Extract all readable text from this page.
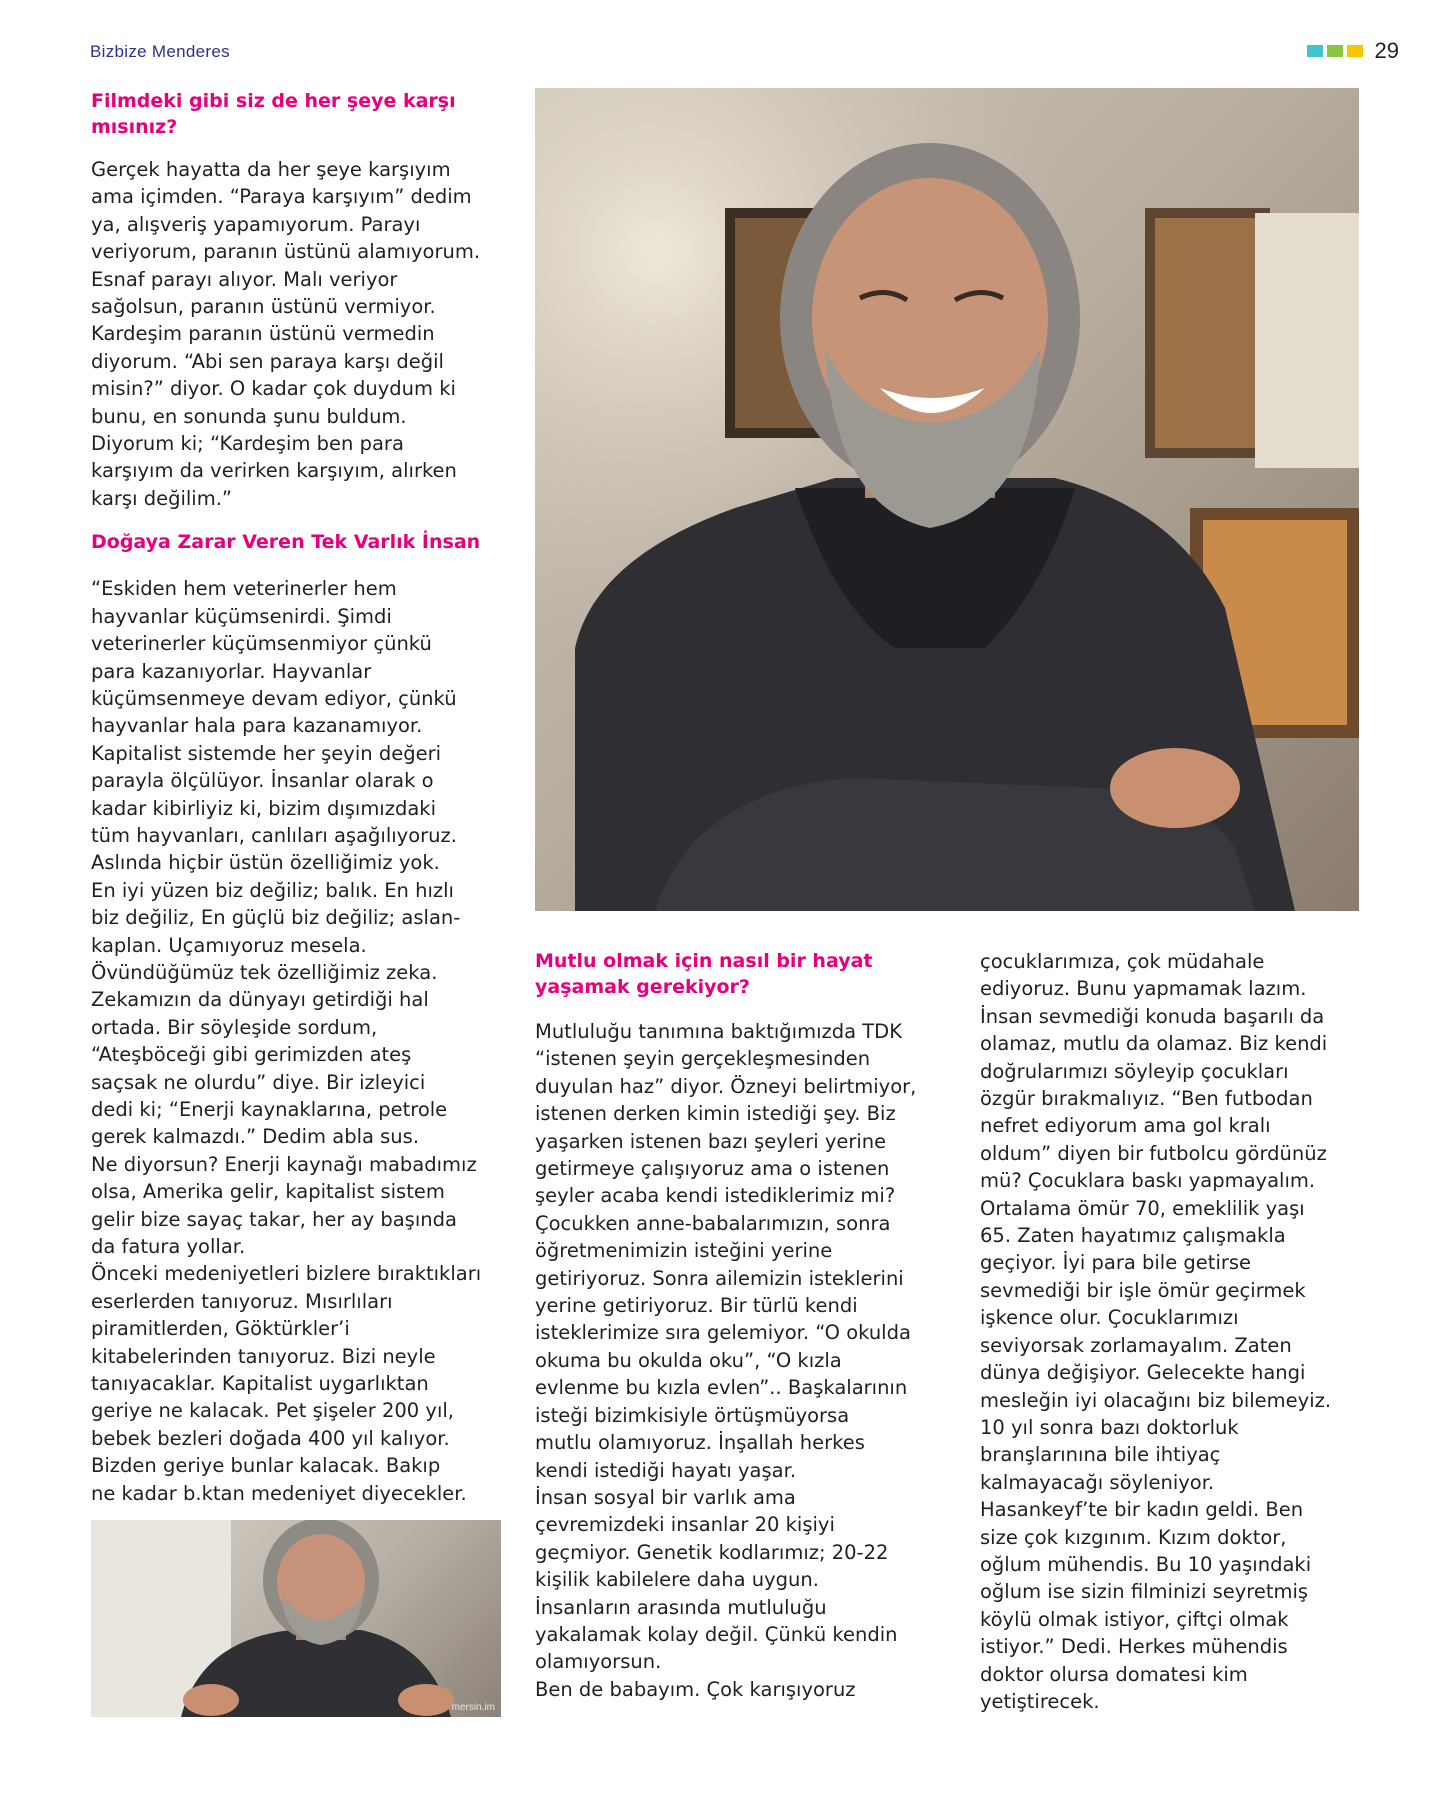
Bizbize Menderes	29
mersin.im
Filmdeki gibi siz de her şeye karşı
mısınız?

Gerçek hayatta da her şeye karşıyım
ama içimden. “Paraya karşıyım” dedim
ya, alışveriş yapamıyorum. Parayı
veriyorum, paranın üstünü alamıyorum.
Esnaf parayı alıyor. Malı veriyor
sağolsun, paranın üstünü vermiyor.
Kardeşim paranın üstünü vermedin
diyorum. “Abi sen paraya karşı değil
misin?” diyor. O kadar çok duydum ki
bunu, en sonunda şunu buldum.
Diyorum ki; “Kardeşim ben para
karşıyım da verirken karşıyım, alırken
karşı değilim.”

Doğaya Zarar Veren Tek Varlık İnsan

“Eskiden hem veterinerler hem
hayvanlar küçümsenirdi. Şimdi
veterinerler küçümsenmiyor çünkü
para kazanıyorlar. Hayvanlar
küçümsenmeye devam ediyor, çünkü
hayvanlar hala para kazanamıyor.
Kapitalist sistemde her şeyin değeri
parayla ölçülüyor. İnsanlar olarak o
kadar kibirliyiz ki, bizim dışımızdaki
tüm hayvanları, canlıları aşağılıyoruz.
Aslında hiçbir üstün özelliğimiz yok.
En iyi yüzen biz değiliz; balık. En hızlı
biz değiliz, En güçlü biz değiliz; aslan-
kaplan. Uçamıyoruz mesela.
Övündüğümüz tek özelliğimiz zeka.
Zekamızın da dünyayı getirdiği hal
ortada. Bir söyleşide sordum,
“Ateşböceği gibi gerimizden ateş
saçsak ne olurdu” diye. Bir izleyici
dedi ki; “Enerji kaynaklarına, petrole
gerek kalmazdı.” Dedim abla sus.
Ne diyorsun? Enerji kaynağı mabadımız
olsa, Amerika gelir, kapitalist sistem
gelir bize sayaç takar, her ay başında
da fatura yollar.
Önceki medeniyetleri bizlere bıraktıkları
eserlerden tanıyoruz. Mısırlıları
piramitlerden, Göktürkler’i
kitabelerinden tanıyoruz. Bizi neyle
tanıyacaklar. Kapitalist uygarlıktan
geriye ne kalacak. Pet şişeler 200 yıl,
bebek bezleri doğada 400 yıl kalıyor.
Bizden geriye bunlar kalacak. Bakıp
ne kadar b.ktan medeniyet diyecekler.

Mutlu olmak için nasıl bir hayat
yaşamak gerekiyor?

Mutluluğu tanımına baktığımızda TDK
“istenen şeyin gerçekleşmesinden
duyulan haz” diyor. Özneyi belirtmiyor,
istenen derken kimin istediği şey. Biz
yaşarken istenen bazı şeyleri yerine
getirmeye çalışıyoruz ama o istenen
şeyler acaba kendi istediklerimiz mi?
Çocukken anne-babalarımızın, sonra
öğretmenimizin isteğini yerine
getiriyoruz. Sonra ailemizin isteklerini
yerine getiriyoruz. Bir türlü kendi
isteklerimize sıra gelemiyor. “O okulda
okuma bu okulda oku”, “O kızla
evlenme bu kızla evlen”.. Başkalarının
isteği bizimkisiyle örtüşmüyorsa
mutlu olamıyoruz. İnşallah herkes
kendi istediği hayatı yaşar.
İnsan sosyal bir varlık ama
çevremizdeki insanlar 20 kişiyi
geçmiyor. Genetik kodlarımız; 20-22
kişilik kabilelere daha uygun.
İnsanların arasında mutluluğu
yakalamak kolay değil. Çünkü kendin
olamıyorsun.
Ben de babayım. Çok karışıyoruz

çocuklarımıza, çok müdahale
ediyoruz. Bunu yapmamak lazım.
İnsan sevmediği konuda başarılı da
olamaz, mutlu da olamaz. Biz kendi
doğrularımızı söyleyip çocukları
özgür bırakmalıyız. “Ben futbodan
nefret ediyorum ama gol kralı
oldum” diyen bir futbolcu gördünüz
mü? Çocuklara baskı yapmayalım.
Ortalama ömür 70, emeklilik yaşı
65. Zaten hayatımız çalışmakla
geçiyor. İyi para bile getirse
sevmediği bir işle ömür geçirmek
işkence olur. Çocuklarımızı
seviyorsak zorlamayalım. Zaten
dünya değişiyor. Gelecekte hangi
mesleğin iyi olacağını biz bilemeyiz.
10 yıl sonra bazı doktorluk
branşlarınına bile ihtiyaç
kalmayacağı söyleniyor.
Hasankeyf’te bir kadın geldi. Ben
size çok kızgınım. Kızım doktor,
oğlum mühendis. Bu 10 yaşındaki
oğlum ise sizin filminizi seyretmiş
köylü olmak istiyor, çiftçi olmak
istiyor.” Dedi. Herkes mühendis
doktor olursa domatesi kim
yetiştirecek.
